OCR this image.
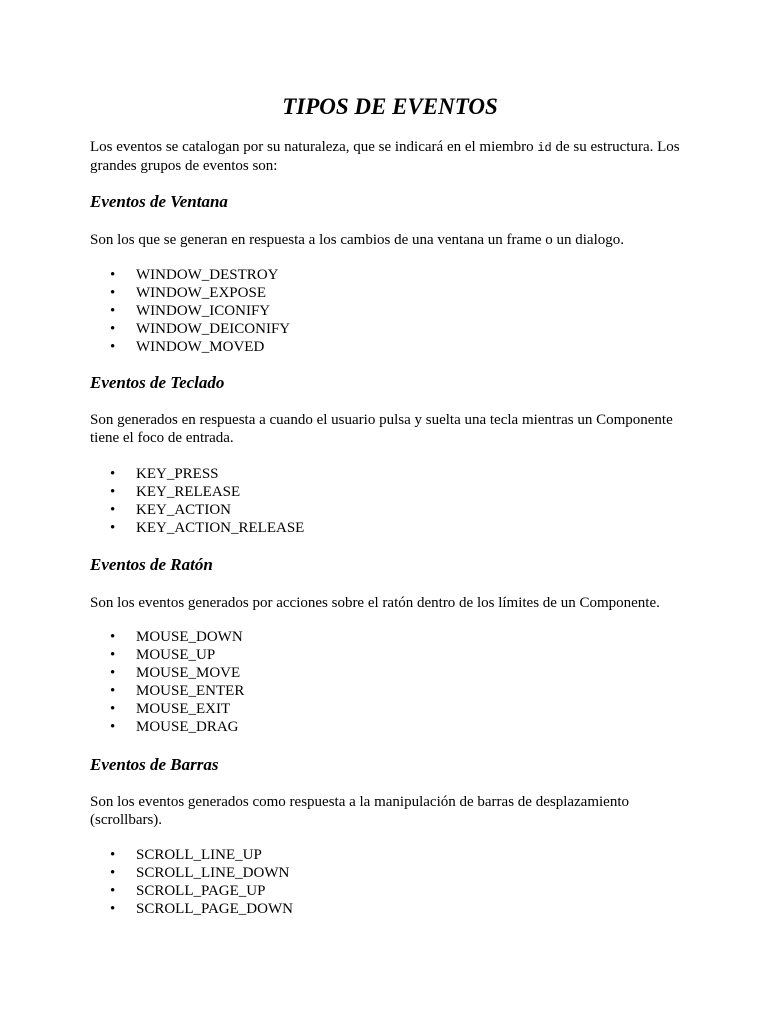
TIPOS DE EVENTOS

Los eventos se catalogan por su naturaleza, que se indicará en el miembro id de su estructura. Los grandes grupos de eventos son:

Eventos de Ventana

Son los que se generan en respuesta a los cambios de una ventana un frame o un dialogo.

• WINDOW_DESTROY
• WINDOW_EXPOSE
• WINDOW_ICONIFY
• WINDOW_DEICONIFY
• WINDOW_MOVED
Eventos de Teclado

Son generados en respuesta a cuando el usuario pulsa y suelta una tecla mientras un Componente tiene el foco de entrada.

• KEY_PRESS
• KEY_RELEASE
• KEY_ACTION
• KEY_ACTION_RELEASE
Eventos de Ratón

Son los eventos generados por acciones sobre el ratón dentro de los límites de un Componente.

• MOUSE_DOWN
• MOUSE_UP
• MOUSE_MOVE
• MOUSE_ENTER
• MOUSE_EXIT
• MOUSE_DRAG
Eventos de Barras

Son los eventos generados como respuesta a la manipulación de barras de desplazamiento (scrollbars).

• SCROLL_LINE_UP
• SCROLL_LINE_DOWN
• SCROLL_PAGE_UP
• SCROLL_PAGE_DOWN
